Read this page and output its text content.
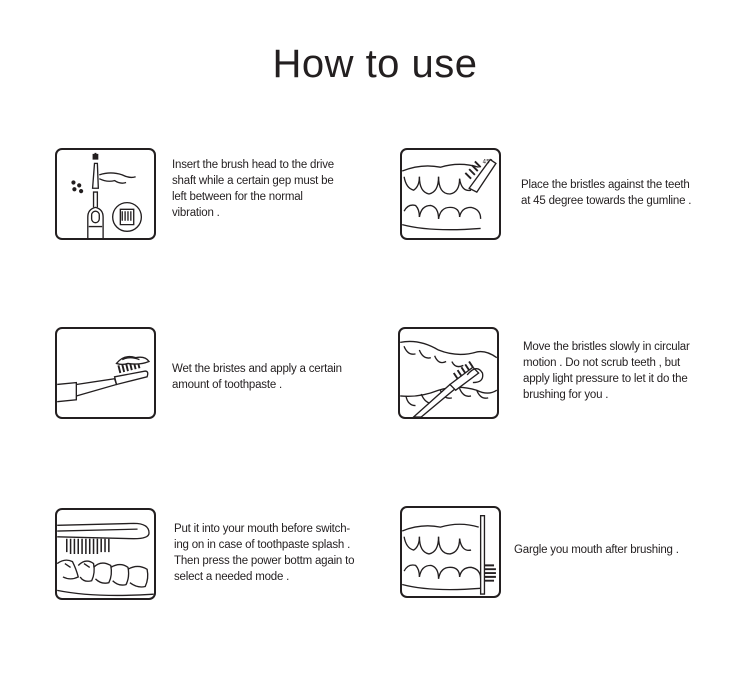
How to use
Insert the brush head to the drive
shaft while a certain gep must be
left between for the normal
vibration .
45°
Place the bristles against the teeth
at 45 degree towards the gumline .
Wet the bristes and apply a certain
amount of toothpaste .
Move the bristles slowly in circular
motion . Do not scrub teeth , but
apply light pressure to let it do the
brushing for you .
Put it into your mouth before switch-
ing on in case of toothpaste splash .
Then press the power bottm again to
select a needed mode .
Gargle you mouth after brushing .
